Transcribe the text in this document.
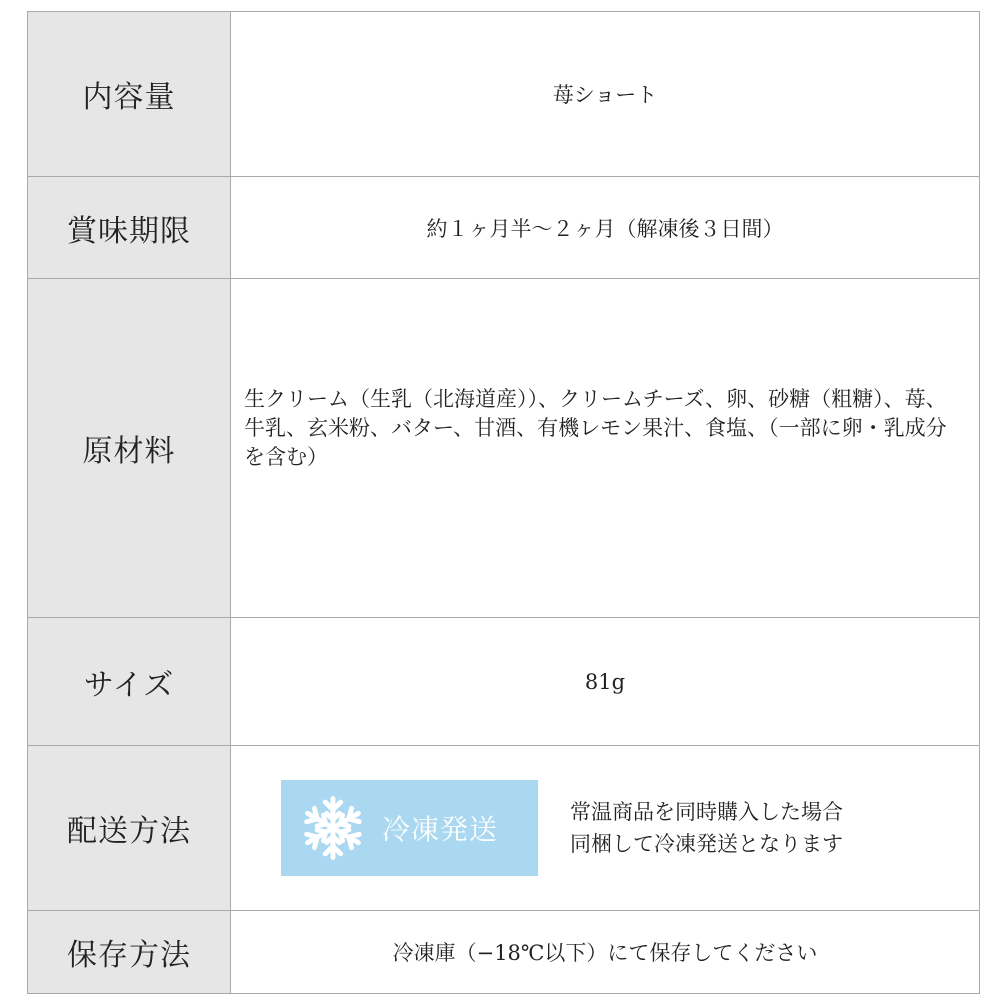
内容量	苺ショート
賞味期限	約１ヶ月半〜２ヶ月（解凍後３日間）
原材料	生クリーム（生乳（北海道産））、クリームチーズ、卵、砂糖（粗糖）、苺、牛乳、玄米粉、バター、甘酒、有機レモン果汁、食塩、（一部に卵・乳成分を含む）

サイズ	81g
配送方法	冷凍発送
常温商品を同時購入した場合
同梱して冷凍発送となります

保存方法	冷凍庫（−18℃以下）にて保存してください
